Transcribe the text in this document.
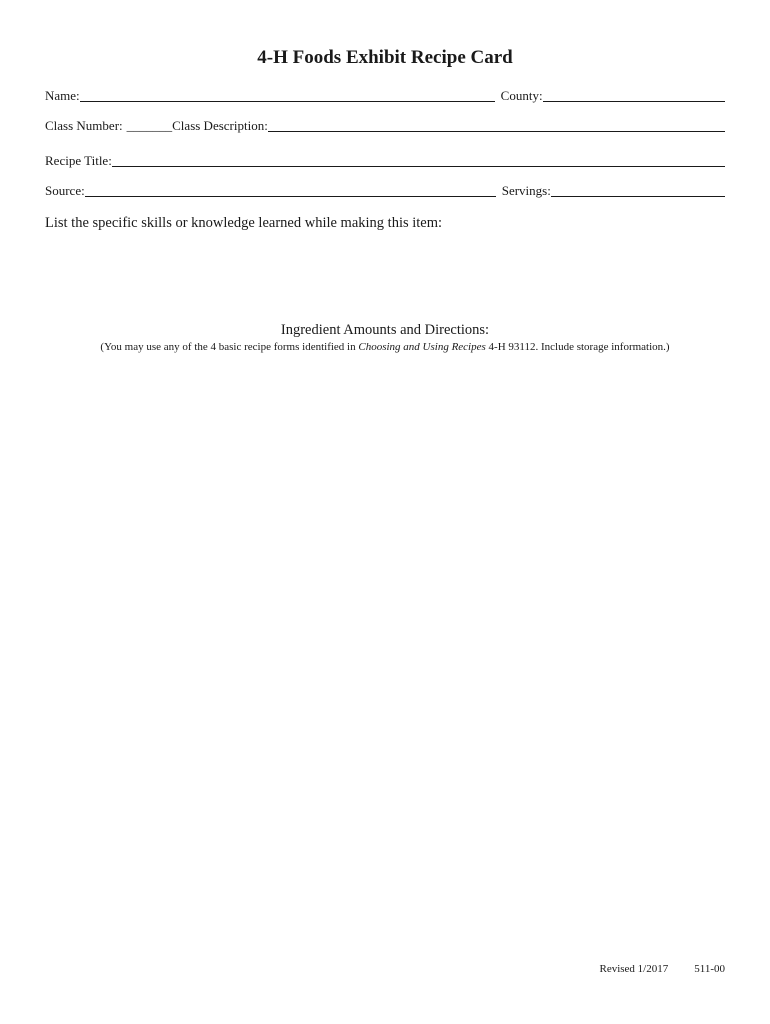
4-H Foods Exhibit Recipe Card
Name:	County:
Class Number: _______ Class Description:
Recipe Title:
Source:	Servings:
List the specific skills or knowledge learned while making this item:
Ingredient Amounts and Directions:
(You may use any of the 4 basic recipe forms identified in Choosing and Using Recipes 4-H 93112. Include storage information.)
Revised 1/2017 511-00
